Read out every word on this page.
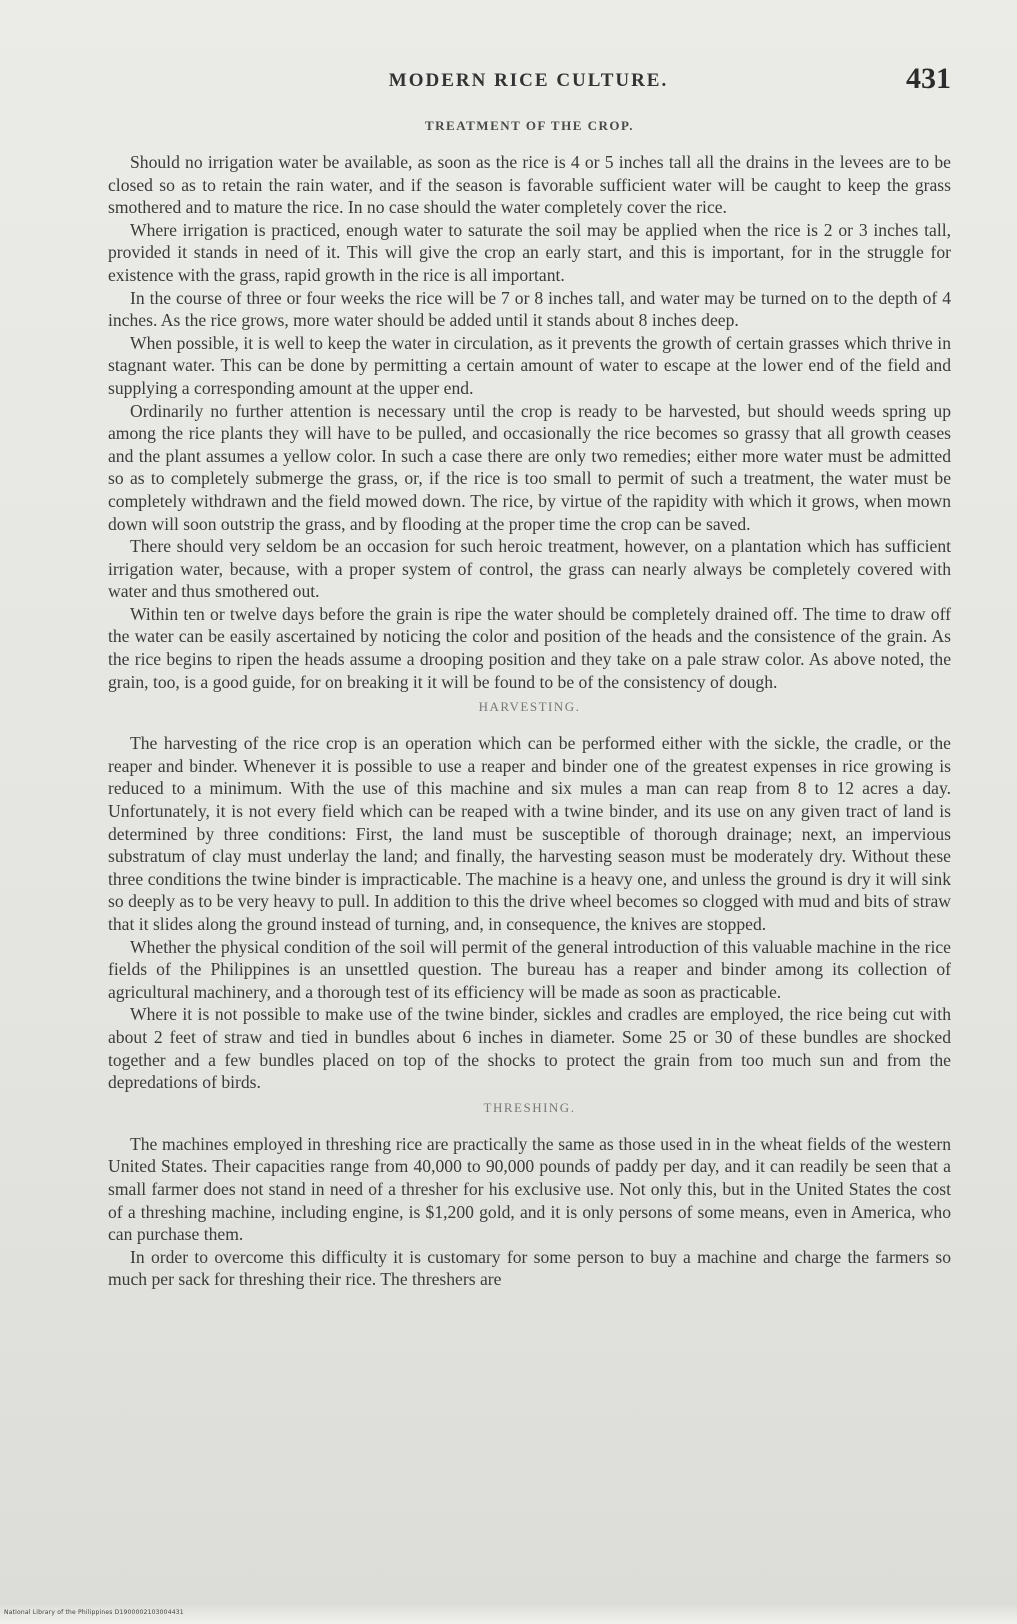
MODERN RICE CULTURE.	431
TREATMENT OF THE CROP.

Should no irrigation water be available, as soon as the rice is 4 or 5 inches tall all the drains in the levees are to be closed so as to retain the rain water, and if the season is favorable sufficient water will be caught to keep the grass smothered and to mature the rice. In no case should the water completely cover the rice.

Where irrigation is practiced, enough water to saturate the soil may be applied when the rice is 2 or 3 inches tall, provided it stands in need of it. This will give the crop an early start, and this is important, for in the struggle for existence with the grass, rapid growth in the rice is all important.

In the course of three or four weeks the rice will be 7 or 8 inches tall, and water may be turned on to the depth of 4 inches. As the rice grows, more water should be added until it stands about 8 inches deep.

When possible, it is well to keep the water in circulation, as it prevents the growth of certain grasses which thrive in stagnant water. This can be done by permitting a certain amount of water to escape at the lower end of the field and supplying a corresponding amount at the upper end.

Ordinarily no further attention is necessary until the crop is ready to be harvested, but should weeds spring up among the rice plants they will have to be pulled, and occasionally the rice becomes so grassy that all growth ceases and the plant assumes a yellow color. In such a case there are only two remedies; either more water must be admitted so as to completely submerge the grass, or, if the rice is too small to permit of such a treatment, the water must be completely withdrawn and the field mowed down. The rice, by virtue of the rapidity with which it grows, when mown down will soon outstrip the grass, and by flooding at the proper time the crop can be saved.

There should very seldom be an occasion for such heroic treatment, however, on a plantation which has sufficient irrigation water, because, with a proper system of control, the grass can nearly always be completely covered with water and thus smothered out.

Within ten or twelve days before the grain is ripe the water should be completely drained off. The time to draw off the water can be easily ascertained by noticing the color and position of the heads and the consistence of the grain. As the rice begins to ripen the heads assume a drooping position and they take on a pale straw color. As above noted, the grain, too, is a good guide, for on breaking it it will be found to be of the consistency of dough.

HARVESTING.

The harvesting of the rice crop is an operation which can be performed either with the sickle, the cradle, or the reaper and binder. Whenever it is possible to use a reaper and binder one of the greatest expenses in rice growing is reduced to a minimum. With the use of this machine and six mules a man can reap from 8 to 12 acres a day. Unfortunately, it is not every field which can be reaped with a twine binder, and its use on any given tract of land is determined by three conditions: First, the land must be susceptible of thorough drainage; next, an impervious substratum of clay must underlay the land; and finally, the harvesting season must be moderately dry. Without these three conditions the twine binder is impracticable. The machine is a heavy one, and unless the ground is dry it will sink so deeply as to be very heavy to pull. In addition to this the drive wheel becomes so clogged with mud and bits of straw that it slides along the ground instead of turning, and, in consequence, the knives are stopped.

Whether the physical condition of the soil will permit of the general introduction of this valuable machine in the rice fields of the Philippines is an unsettled question. The bureau has a reaper and binder among its collection of agricultural machinery, and a thorough test of its efficiency will be made as soon as practicable.

Where it is not possible to make use of the twine binder, sickles and cradles are employed, the rice being cut with about 2 feet of straw and tied in bundles about 6 inches in diameter. Some 25 or 30 of these bundles are shocked together and a few bundles placed on top of the shocks to protect the grain from too much sun and from the depredations of birds.

THRESHING.

The machines employed in threshing rice are practically the same as those used in in the wheat fields of the western United States. Their capacities range from 40,000 to 90,000 pounds of paddy per day, and it can readily be seen that a small farmer does not stand in need of a thresher for his exclusive use. Not only this, but in the United States the cost of a threshing machine, including engine, is $1,200 gold, and it is only persons of some means, even in America, who can purchase them.

In order to overcome this difficulty it is customary for some person to buy a machine and charge the farmers so much per sack for threshing their rice. The threshers are

National Library of the Philippines D1900002103004431
